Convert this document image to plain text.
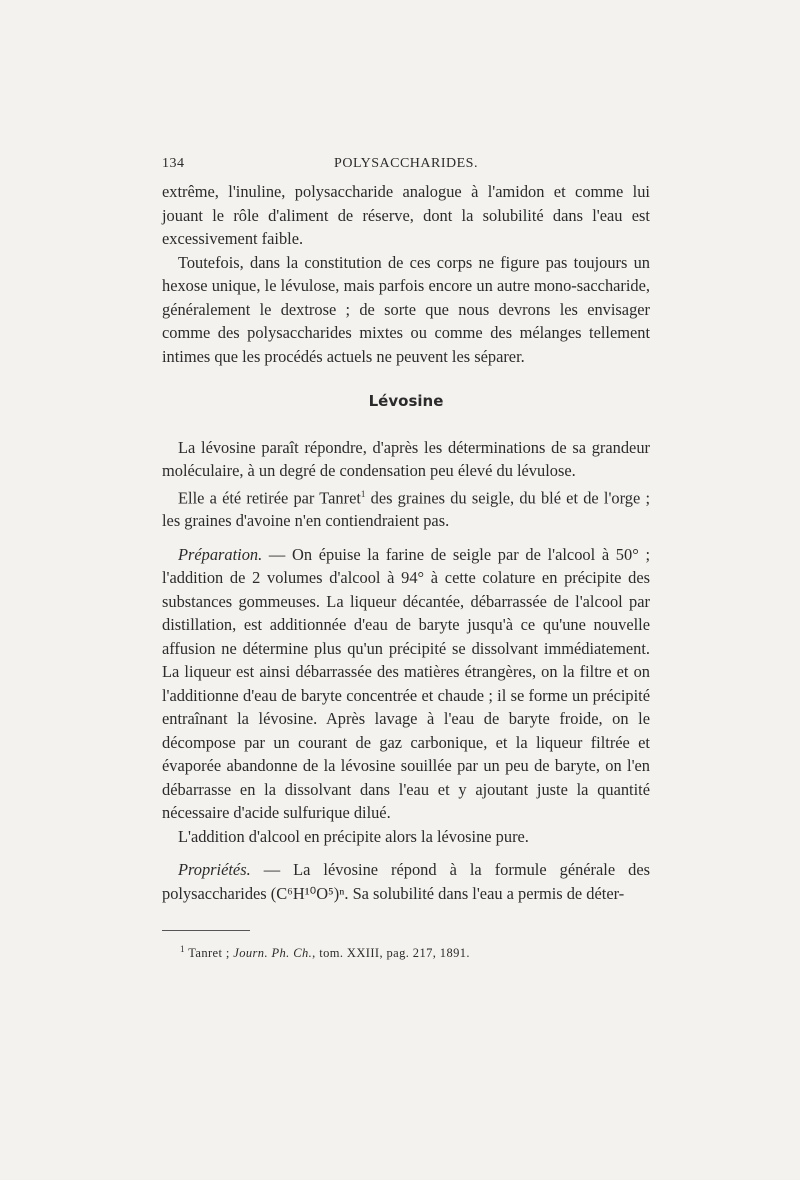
134	POLYSACCHARIDES.

extrême, l'inuline, polysaccharide analogue à l'amidon et comme lui jouant le rôle d'aliment de réserve, dont la solubilité dans l'eau est excessivement faible.

Toutefois, dans la constitution de ces corps ne figure pas toujours un hexose unique, le lévulose, mais parfois encore un autre mono-saccharide, généralement le dextrose ; de sorte que nous devrons les envisager comme des polysaccharides mixtes ou comme des mélanges tellement intimes que les procédés actuels ne peuvent les séparer.

Lévosine

La lévosine paraît répondre, d'après les déterminations de sa grandeur moléculaire, à un degré de condensation peu élevé du lévulose.

Elle a été retirée par Tanret$^1$ des graines du seigle, du blé et de l'orge ; les graines d'avoine n'en contiendraient pas.

Préparation. — On épuise la farine de seigle par de l'alcool à 50° ; l'addition de 2 volumes d'alcool à 94° à cette colature en précipite des substances gommeuses. La liqueur décantée, débarrassée de l'alcool par distillation, est additionnée d'eau de baryte jusqu'à ce qu'une nouvelle affusion ne détermine plus qu'un précipité se dissolvant immédiatement. La liqueur est ainsi débarrassée des matières étrangères, on la filtre et on l'additionne d'eau de baryte concentrée et chaude ; il se forme un précipité entraînant la lévosine. Après lavage à l'eau de baryte froide, on le décompose par un courant de gaz carbonique, et la liqueur filtrée et évaporée abandonne de la lévosine souillée par un peu de baryte, on l'en débarrasse en la dissolvant dans l'eau et y ajoutant juste la quantité nécessaire d'acide sulfurique dilué.

L'addition d'alcool en précipite alors la lévosine pure.

Propriétés. — La lévosine répond à la formule générale des polysaccharides (C⁶H¹⁰O⁵)ⁿ. Sa solubilité dans l'eau a permis de déter-

$^1$ Tanret ; Journ. Ph. Ch., tom. XXIII, pag. 217, 1891.
